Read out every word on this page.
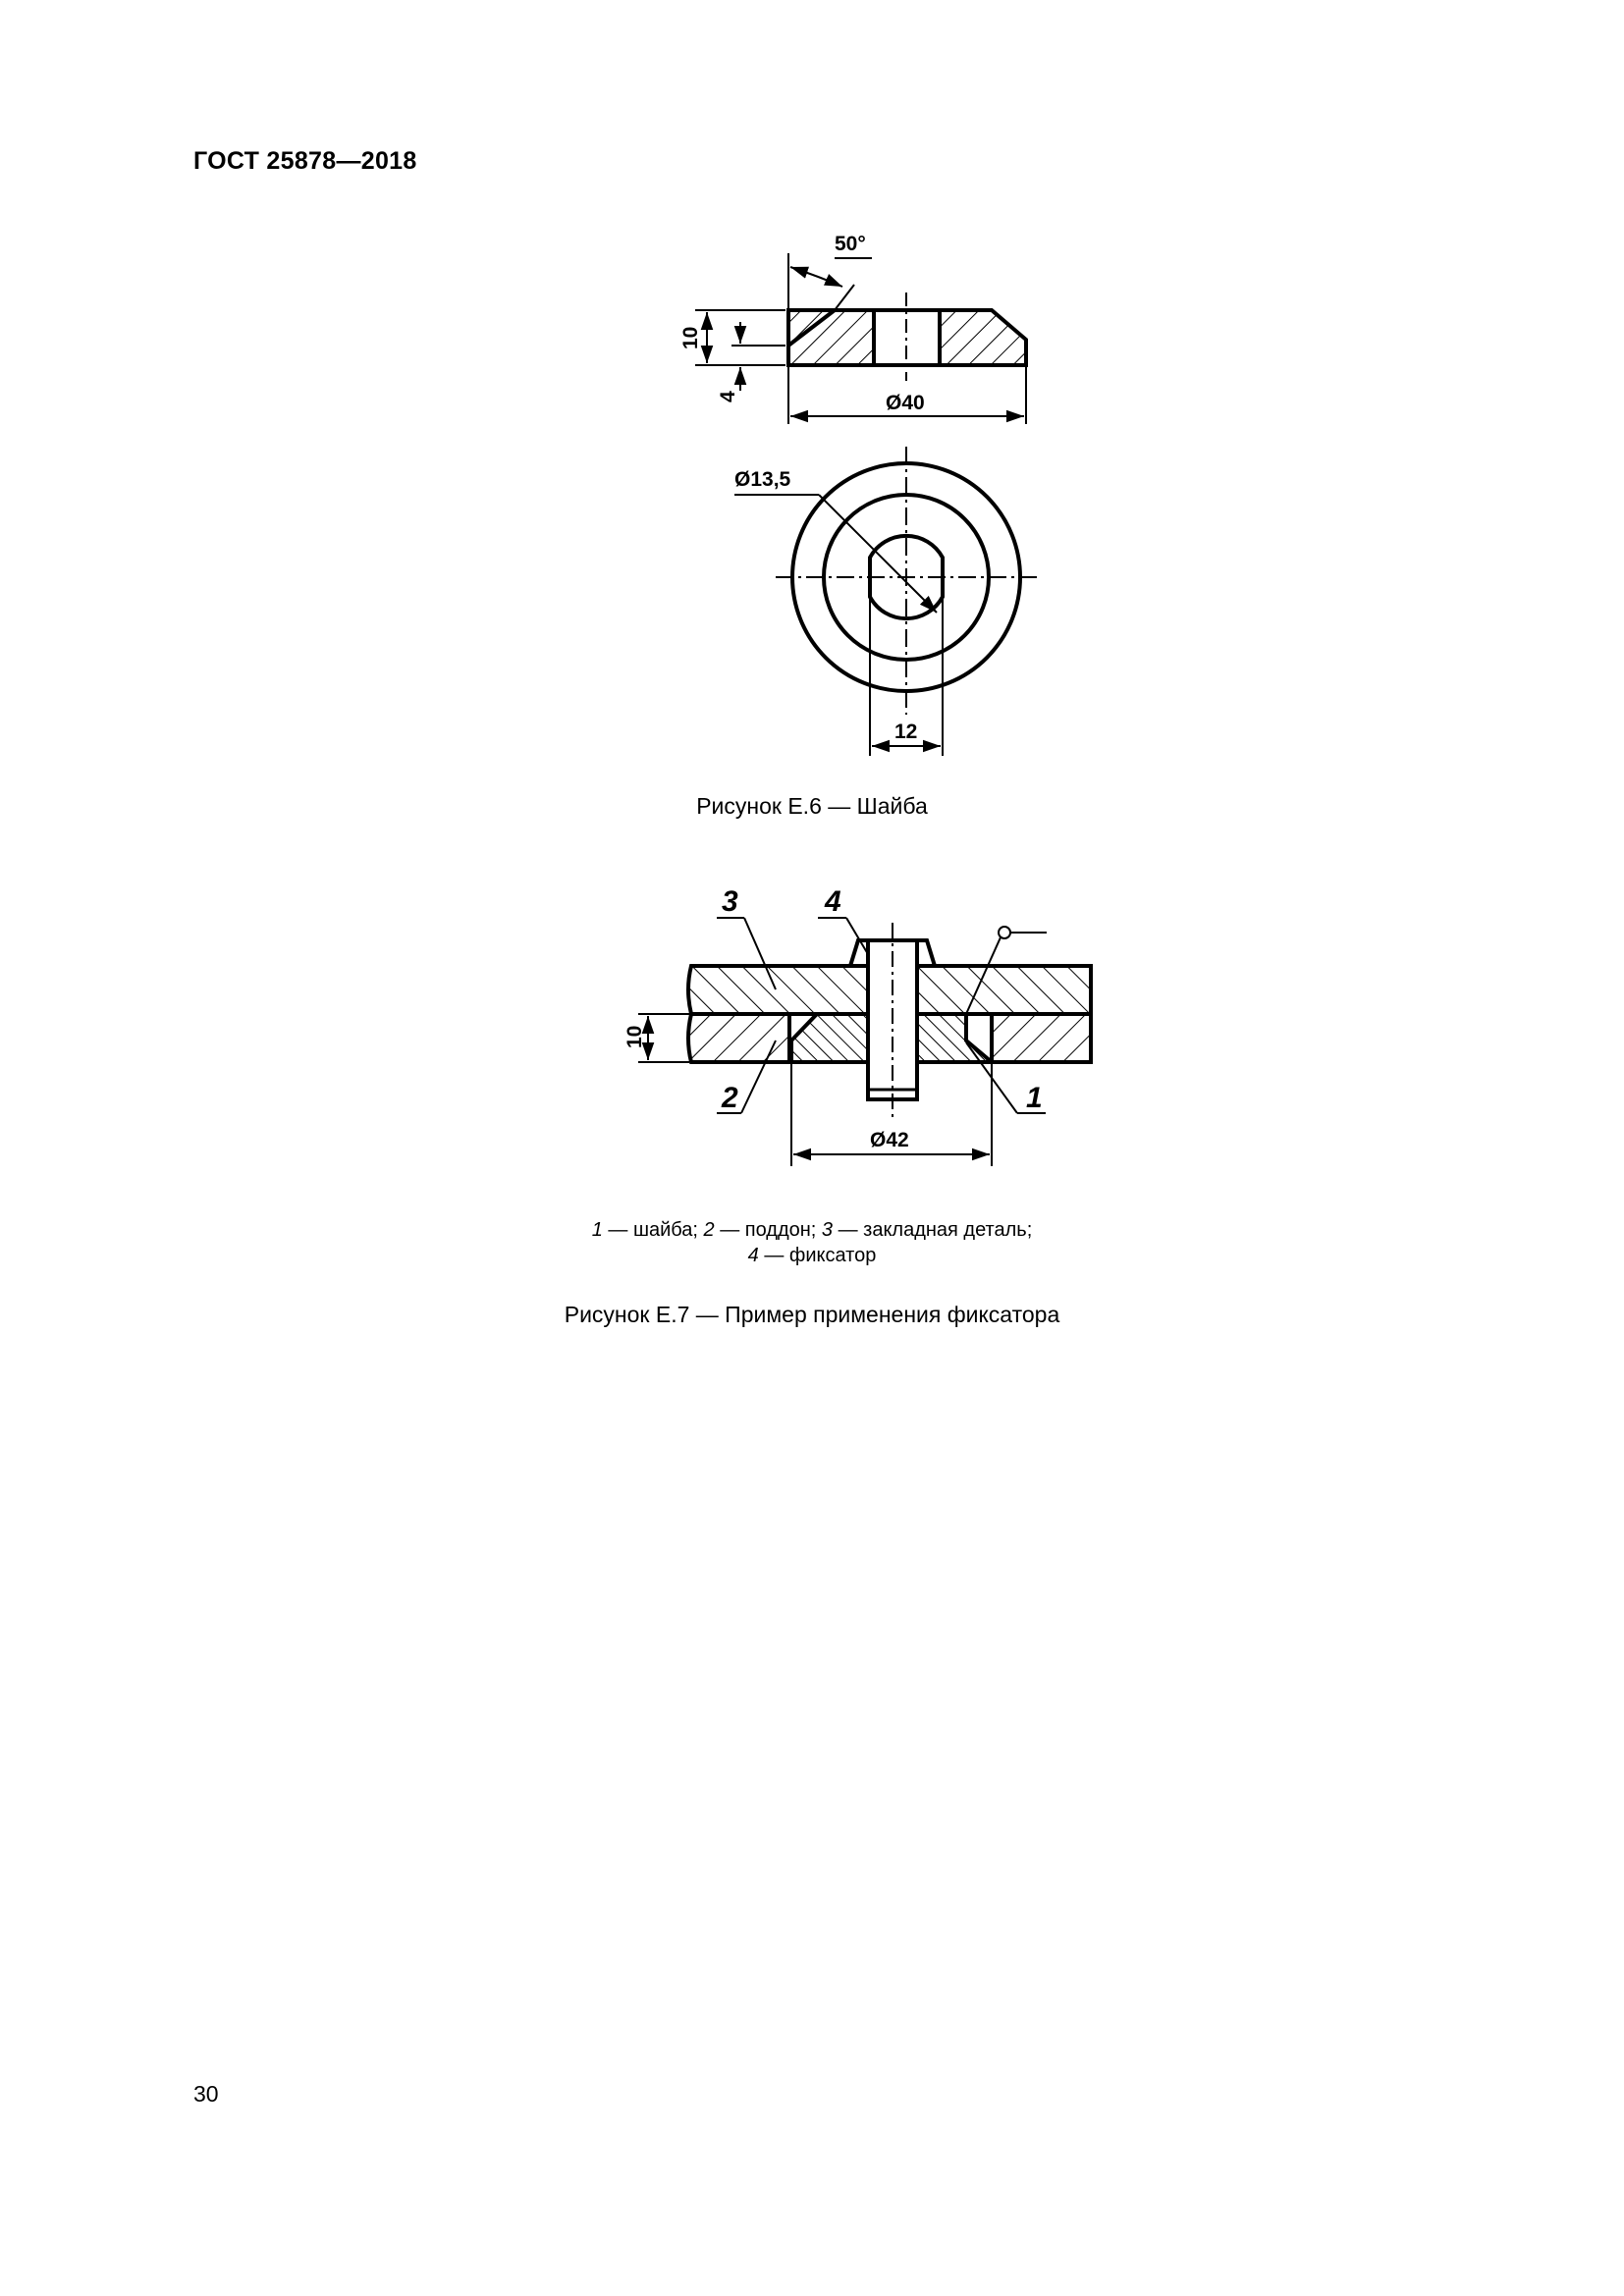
ГОСТ 25878—2018
50°
10
4	Ø40
Ø13,5
12
Рисунок Е.6 — Шайба
3	4
2	1
10
Ø42
1 — шайба; 2 — поддон; 3 — закладная деталь;
4 — фиксатор
Рисунок Е.7 — Пример применения фиксатора
30
